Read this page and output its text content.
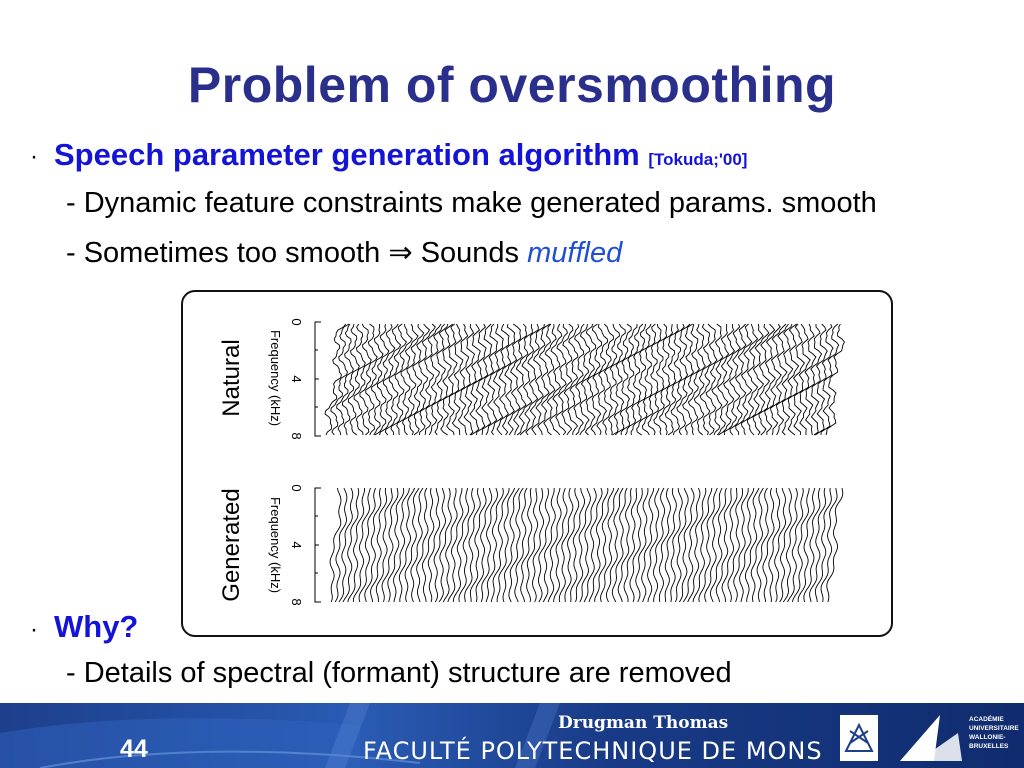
Problem of oversmoothing
· Speech parameter generation algorithm [Tokuda;'00]
- Dynamic feature constraints make generated params. smooth
- Sometimes too smooth ⇒ Sounds muffled
Natural Frequency (kHz)
0
4
8
Generated Frequency (kHz)
0
4
8
· Why?
- Details of spectral (formant) structure are removed
44
Drugman Thomas
FACULTÉ POLYTECHNIQUE DE MONS
ACADÉMIE
UNIVERSITAIRE
WALLONIE-
BRUXELLES
